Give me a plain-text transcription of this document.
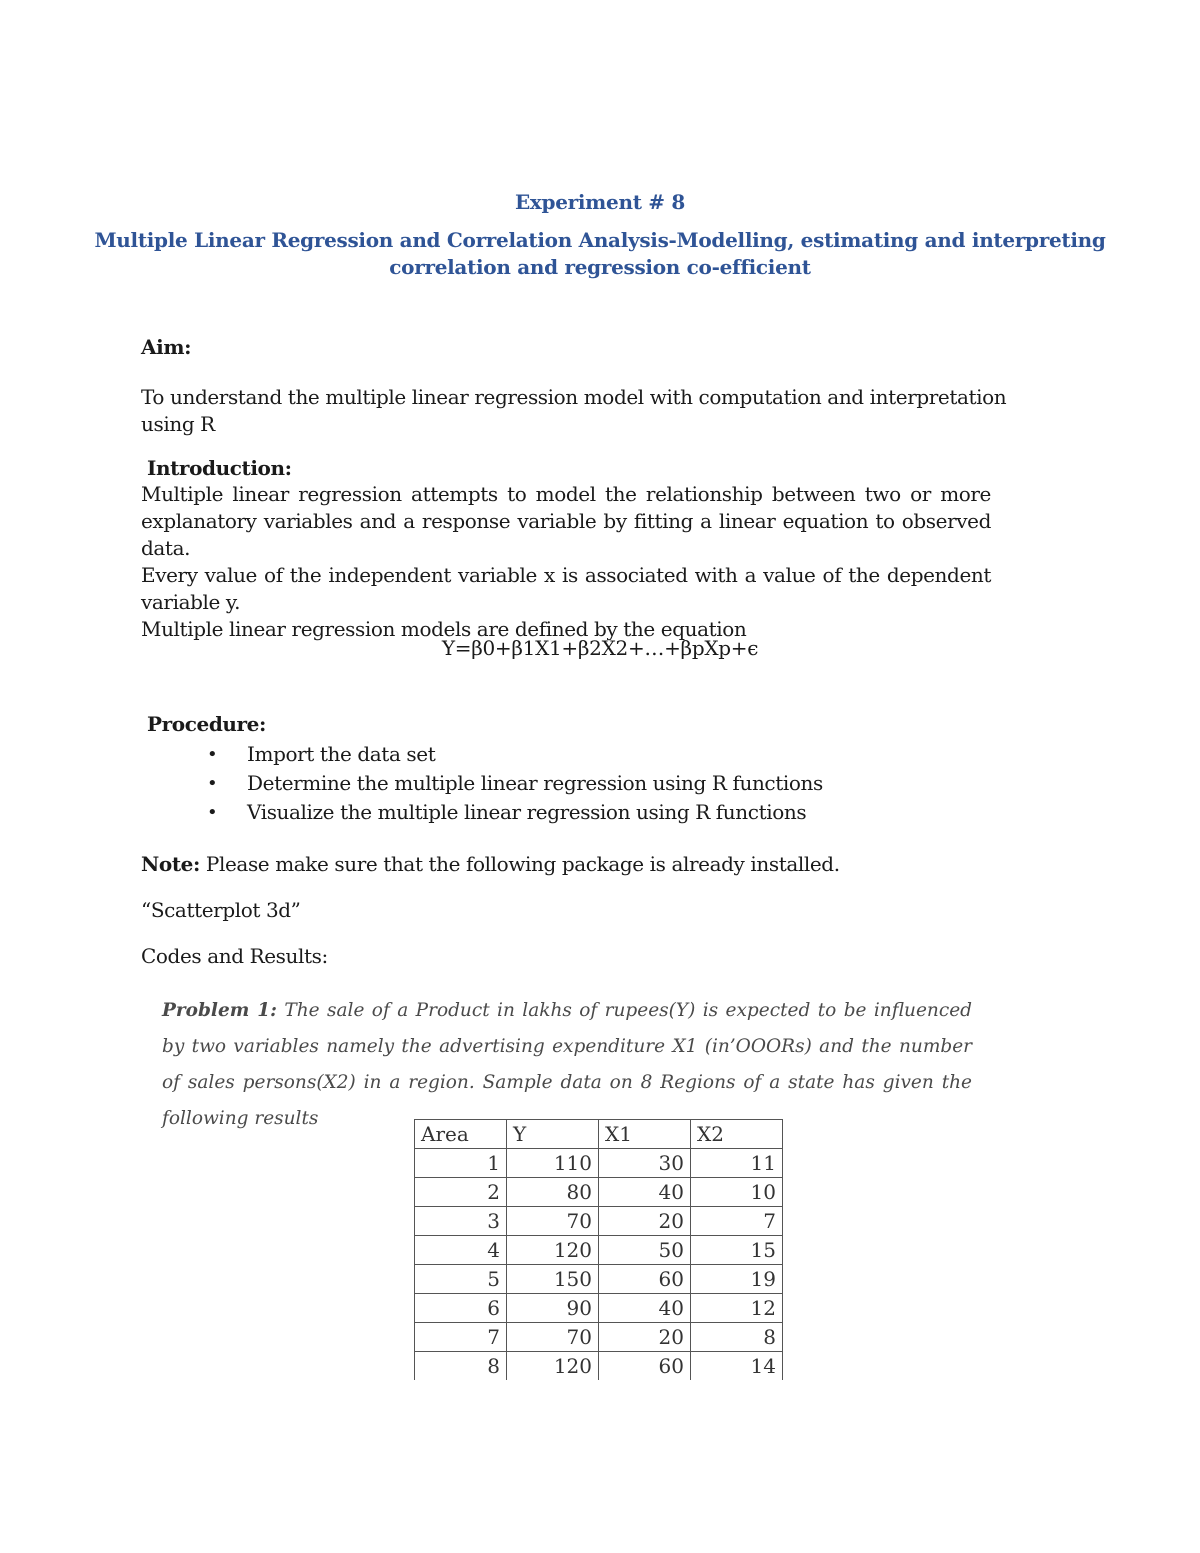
Experiment # 8
Multiple Linear Regression and Correlation Analysis-Modelling, estimating and interpreting
correlation and regression co-efficient
Aim:
To understand the multiple linear regression model with computation and interpretation using R
Introduction:

Multiple linear regression attempts to model the relationship between two or more explanatory variables and a response variable by fitting a linear equation to observed data.

Every value of the independent variable x is associated with a value of the dependent variable y.

Multiple linear regression models are defined by the equation

Y=β0+β1X1+β2X2+…+βpXp+ϵ
Procedure:
• Import the data set
• Determine the multiple linear regression using R functions
• Visualize the multiple linear regression using R functions
Note: Please make sure that the following package is already installed.
“Scatterplot 3d”
Codes and Results:
Problem 1: The sale of a Product in lakhs of rupees(Y) is expected to be influenced by two variables namely the advertising expenditure X1 (in’OOORs) and the number of sales persons(X2) in a region. Sample data on 8 Regions of a state has given the following results
Area	Y	X1	X2
1	110	30	11
2	80	40	10
3	70	20	7
4	120	50	15
5	150	60	19
6	90	40	12
7	70	20	8
8	120	60	14
